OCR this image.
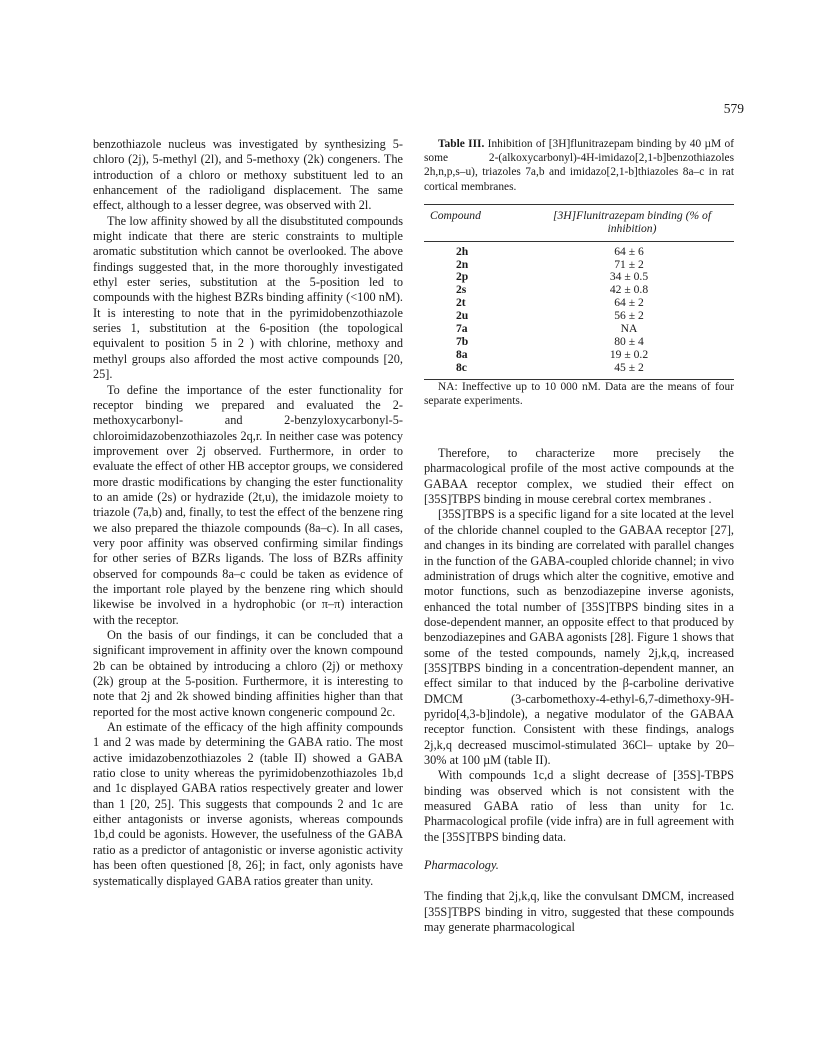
579

benzothiazole nucleus was investigated by synthesizing 5-chloro (2j), 5-methyl (2l), and 5-methoxy (2k) congeners. The introduction of a chloro or methoxy substituent led to an enhancement of the radioligand displacement. The same effect, although to a lesser degree, was observed with 2l.

The low affinity showed by all the disubstituted compounds might indicate that there are steric constraints to multiple aromatic substitution which cannot be overlooked. The above findings suggested that, in the more thoroughly investigated ethyl ester series, substitution at the 5-position led to compounds with the highest BZRs binding affinity (<100 nM). It is interesting to note that in the pyrimidobenzothiazole series 1, substitution at the 6-position (the topological equivalent to position 5 in 2 ) with chlorine, methoxy and methyl groups also afforded the most active compounds [20, 25].

To define the importance of the ester functionality for receptor binding we prepared and evaluated the 2-methoxycarbonyl- and 2-benzyloxycarbonyl-5-chloroimidazobenzothiazoles 2q,r. In neither case was potency improvement over 2j observed. Furthermore, in order to evaluate the effect of other HB acceptor groups, we considered more drastic modifications by changing the ester functionality to an amide (2s) or hydrazide (2t,u), the imidazole moiety to triazole (7a,b) and, finally, to test the effect of the benzene ring we also prepared the thiazole compounds (8a–c). In all cases, very poor affinity was observed confirming similar findings for other series of BZRs ligands. The loss of BZRs affinity observed for compounds 8a–c could be taken as evidence of the important role played by the benzene ring which should likewise be involved in a hydrophobic (or π–π) interaction with the receptor.

On the basis of our findings, it can be concluded that a significant improvement in affinity over the known compound 2b can be obtained by introducing a chloro (2j) or methoxy (2k) group at the 5-position. Furthermore, it is interesting to note that 2j and 2k showed binding affinities higher than that reported for the most active known congeneric compound 2c.

An estimate of the efficacy of the high affinity compounds 1 and 2 was made by determining the GABA ratio. The most active imidazobenzothiazoles 2 (table II) showed a GABA ratio close to unity whereas the pyrimidobenzothiazoles 1b,d and 1c displayed GABA ratios respectively greater and lower than 1 [20, 25]. This suggests that compounds 2 and 1c are either antagonists or inverse agonists, whereas compounds 1b,d could be agonists. However, the usefulness of the GABA ratio as a predictor of antagonistic or inverse agonistic activity has been often questioned [8, 26]; in fact, only agonists have systematically displayed GABA ratios greater than unity.

Table III. Inhibition of [3H]flunitrazepam binding by 40 µM of some 2-(alkoxycarbonyl)-4H-imidazo[2,1-b]benzothiazoles 2h,n,p,s–u), triazoles 7a,b and imidazo[2,1-b]thiazoles 8a–c in rat cortical membranes.

Compound	[3H]Flunitrazepam binding (% of inhibition)
2h	64 ± 6
2n	71 ± 2
2p	34 ± 0.5
2s	42 ± 0.8
2t	64 ± 2
2u	56 ± 2
7a	NA
7b	80 ± 4
8a	19 ± 0.2
8c	45 ± 2

NA: Ineffective up to 10 000 nM. Data are the means of four separate experiments.

Therefore, to characterize more precisely the pharmacological profile of the most active compounds at the GABAA receptor complex, we studied their effect on [35S]TBPS binding in mouse cerebral cortex membranes .

[35S]TBPS is a specific ligand for a site located at the level of the chloride channel coupled to the GABAA receptor [27], and changes in its binding are correlated with parallel changes in the function of the GABA-coupled chloride channel; in vivo administration of drugs which alter the cognitive, emotive and motor functions, such as benzodiazepine inverse agonists, enhanced the total number of [35S]TBPS binding sites in a dose-dependent manner, an opposite effect to that produced by benzodiazepines and GABA agonists [28]. Figure 1 shows that some of the tested compounds, namely 2j,k,q, increased [35S]TBPS binding in a concentration-dependent manner, an effect similar to that induced by the β-carboline derivative DMCM (3-carbomethoxy-4-ethyl-6,7-dimethoxy-9H-pyrido[4,3-b]indole), a negative modulator of the GABAA receptor function. Consistent with these findings, analogs 2j,k,q decreased muscimol-stimulated 36Cl– uptake by 20–30% at 100 µM (table II).

With compounds 1c,d a slight decrease of [35S]-TBPS binding was observed which is not consistent with the measured GABA ratio of less than unity for 1c. Pharmacological profile (vide infra) are in full agreement with the [35S]TBPS binding data.

Pharmacology.

The finding that 2j,k,q, like the convulsant DMCM, increased [35S]TBPS binding in vitro, suggested that these compounds may generate pharmacological
